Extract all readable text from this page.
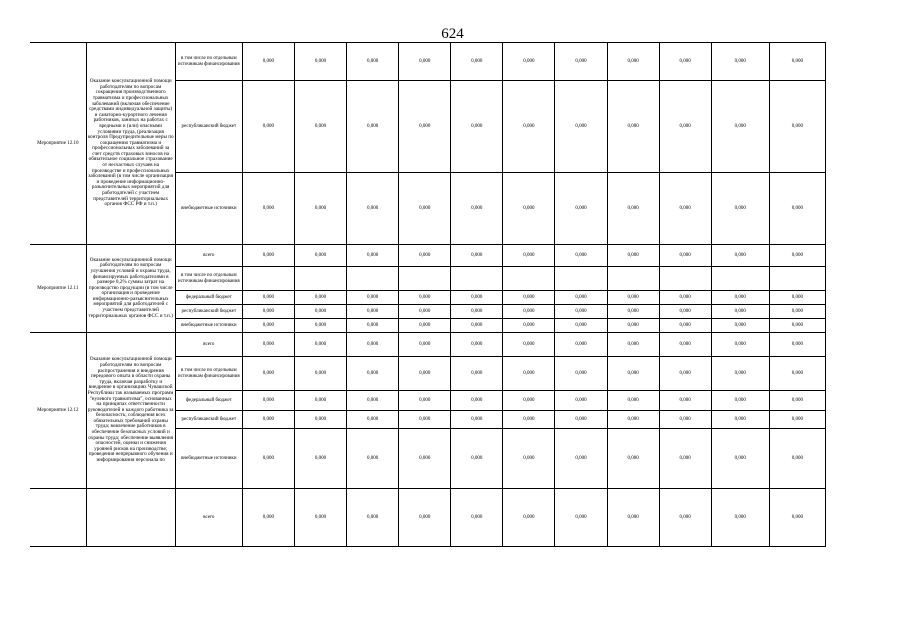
624
Мероприятие 12.10	Оказание консультационной помощи работодателям по вопросам сокращения производственного травматизма и профессиональных заболеваний (включая обеспечение средствами индивидуальной защиты) и санаторно-курортного лечения работников, занятых на работах с вредными и (или) опасными условиями труда, (реализация контроля Предупредительные меры по сокращению травматизма и профессиональных заболеваний за счет средств страховых взносов на обязательное социальное страхование от несчастных случаев на производстве и профессиональных заболеваний (в том числе организация и проведение информационно-разъяснительных мероприятий для работодателей с участием представителей территориальных органов ФСС РФ и т.п.)	в том числе по отдельным источникам финансирования	0,000	0,000	0,000	0,000	0,000	0,000	0,000	0,000	0,000	0,000	0,000
		республиканский бюджет	0,000	0,000	0,000	0,000	0,000	0,000	0,000	0,000	0,000	0,000	0,000
		внебюджетные источники	0,000	0,000	0,000	0,000	0,000	0,000	0,000	0,000	0,000	0,000	0,000
Мероприятие 12.11	Оказание консультационной помощи работодателям по вопросам улучшения условий и охраны труда, финансируемых работодателями в размере 0,2% суммы затрат на производство продукции (в том числе организация и проведение информационно-разъяснительных мероприятий для работодателей с участием представителей территориальных органов ФСС и т.п.)	всего	0,000	0,000	0,000	0,000	0,000	0,000	0,000	0,000	0,000	0,000	0,000
		в том числе по отдельным источникам финансирования											
		федеральный бюджет	0,000	0,000	0,000	0,000	0,000	0,000	0,000	0,000	0,000	0,000	0,000
		республиканский бюджет	0,000	0,000	0,000	0,000	0,000	0,000	0,000	0,000	0,000	0,000	0,000
		внебюджетные источники	0,000	0,000	0,000	0,000	0,000	0,000	0,000	0,000	0,000	0,000	0,000
Мероприятие 12.12	Оказание консультационной помощи работодателям по вопросам распространения и внедрения передового опыта в области охраны труда, включая разработку и внедрение в организациях Чувашской Республики так называемых программ "нулевого травматизма", основанных на принципах ответственности руководителей и каждого работника за безопасность; соблюдения всех обязательных требований охраны труда; вовлечение работников в обеспечение безопасных условий и охраны труда; обеспечение выявления опасностей, оценки и снижения уровней рисков на производстве; проведения непрерывного обучения и информирования персонала по	всего	0,000	0,000	0,000	0,000	0,000	0,000	0,000	0,000	0,000	0,000	0,000
		в том числе по отдельным источникам финансирования	0,000	0,000	0,000	0,000	0,000	0,000	0,000	0,000	0,000	0,000	0,000
		федеральный бюджет	0,000	0,000	0,000	0,000	0,000	0,000	0,000	0,000	0,000	0,000	0,000
		республиканский бюджет	0,000	0,000	0,000	0,000	0,000	0,000	0,000	0,000	0,000	0,000	0,000
		внебюджетные источники	0,000	0,000	0,000	0,000	0,000	0,000	0,000	0,000	0,000	0,000	0,000
		всего	0,000	0,000	0,000	0,000	0,000	0,000	0,000	0,000	0,000	0,000	0,000
